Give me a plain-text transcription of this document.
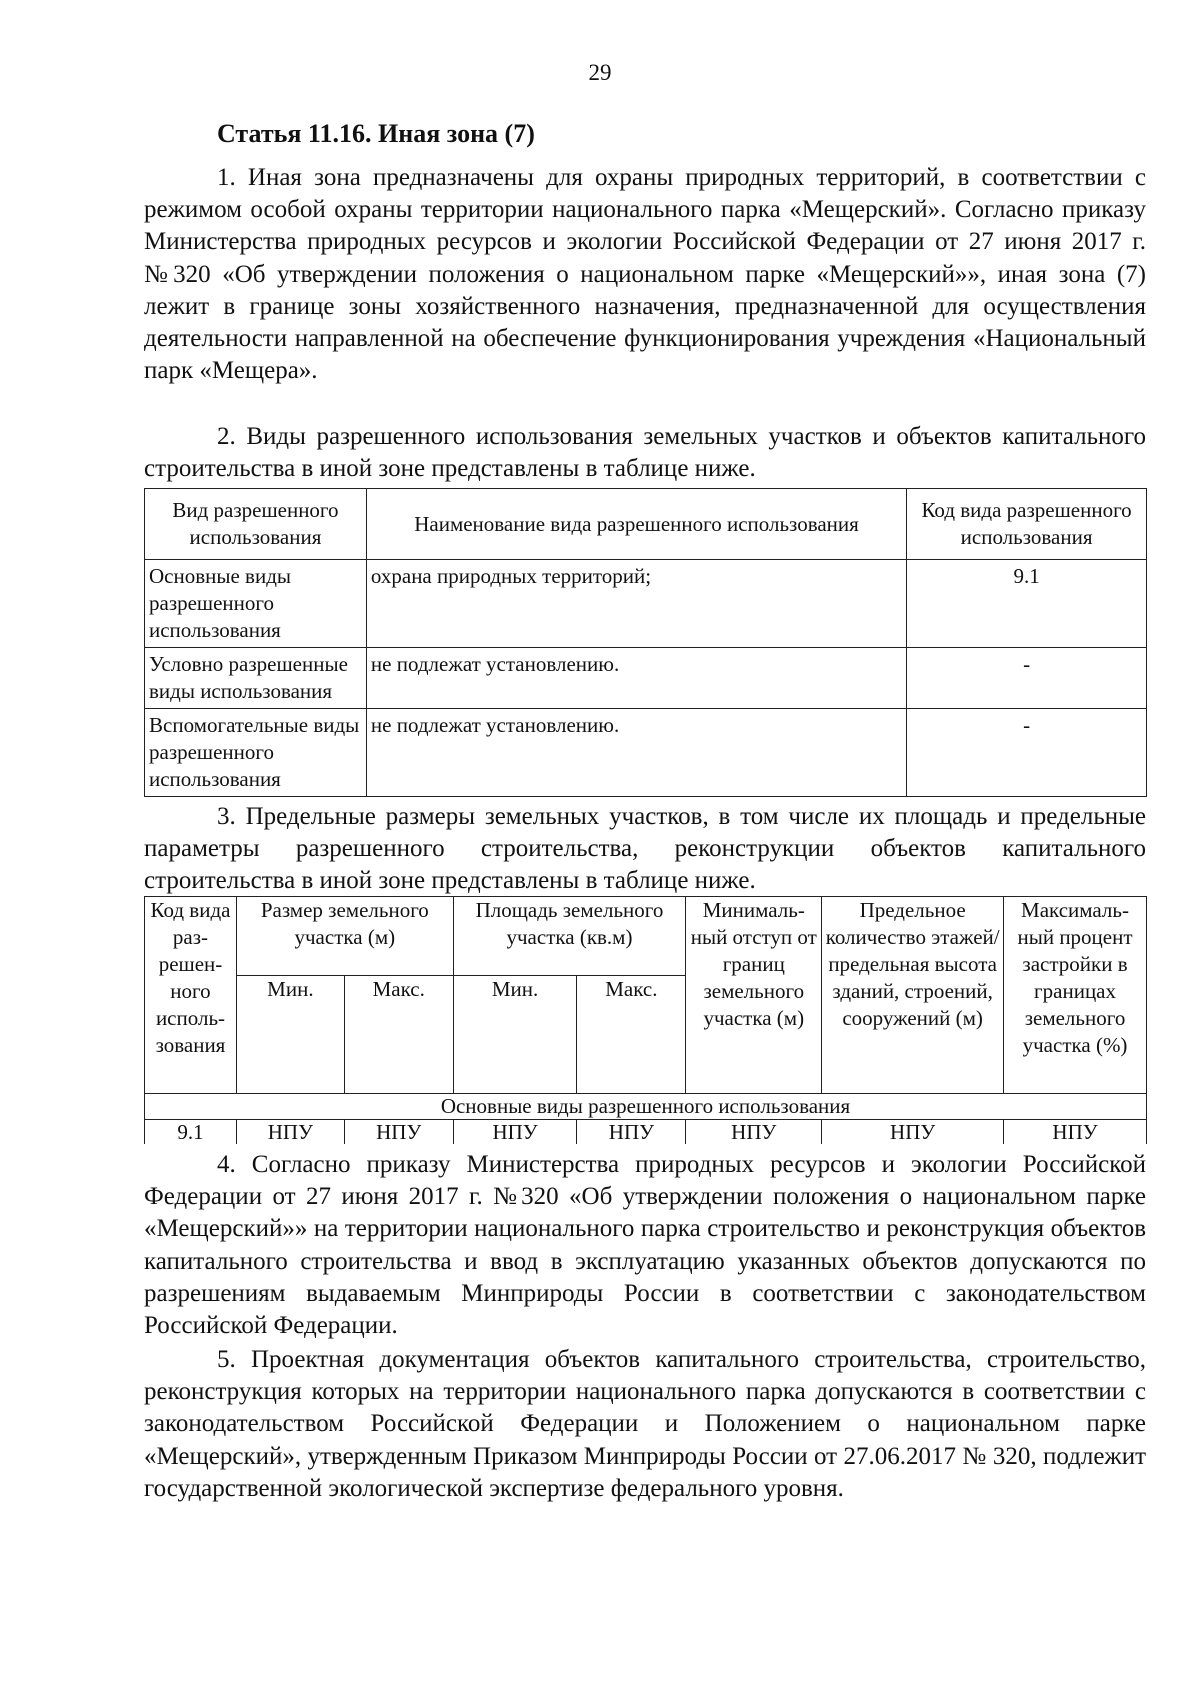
29
Статья 11.16. Иная зона (7)

1. Иная зона предназначены для охраны природных территорий, в соответствии с режимом особой охраны территории национального парка «Мещерский». Согласно приказу Министерства природных ресурсов и экологии Российской Федерации от 27 июня 2017 г. №320 «Об утверждении положения о национальном парке «Мещерский»», иная зона (7) лежит в границе зоны хозяйственного назначения, предназначенной для осуществления деятельности направленной на обеспечение функционирования учреждения «Национальный парк «Мещера».

2. Виды разрешенного использования земельных участков и объектов капитального строительства в иной зоне представлены в таблице ниже.

Вид разрешенного использования	Наименование вида разрешенного использования	Код вида разрешенного использования
Основные виды разрешенного использования	охрана природных территорий;	9.1
Условно разрешенные виды использования	не подлежат установлению.	-
Вспомогательные виды разрешенного использования	не подлежат установлению.	-

3. Предельные размеры земельных участков, в том числе их площадь и предельные параметры разрешенного строительства, реконструкции объектов капитального строительства в иной зоне представлены в таблице ниже.

Код вида раз-решен-ного исполь-зования	Размер земельного участка (м)		Площадь земельного участка (кв.м)		Минималь-ный отступ от границ земельного участка (м)	Предельное количество этажей/ предельная высота зданий, строений, сооружений (м)	Максималь-ный процент застройки в границах земельного участка (%)
	Мин.	Макс.	Мин.	Макс.			
Основные виды разрешенного использования							
9.1	НПУ	НПУ	НПУ	НПУ	НПУ	НПУ	НПУ

4. Согласно приказу Министерства природных ресурсов и экологии Российской Федерации от 27 июня 2017 г. №320 «Об утверждении положения о национальном парке «Мещерский»» на территории национального парка строительство и реконструкция объектов капитального строительства и ввод в эксплуатацию указанных объектов допускаются по разрешениям выдаваемым Минприроды России в соответствии с законодательством Российской Федерации.

5. Проектная документация объектов капитального строительства, строительство, реконструкция которых на территории национального парка допускаются в соответствии с законодательством Российской Федерации и Положением о национальном парке «Мещерский», утвержденным Приказом Минприроды России от 27.06.2017 № 320, подлежит государственной экологической экспертизе федерального уровня.
